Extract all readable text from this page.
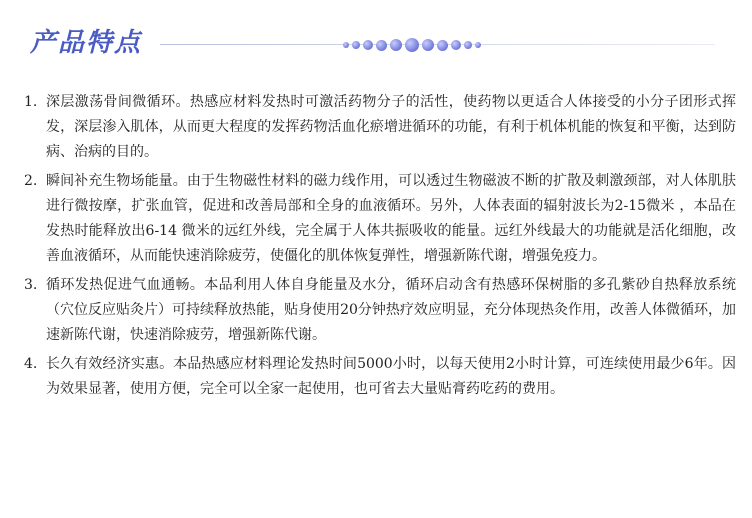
产品特点
1. 深层激荡骨间微循环。热感应材料发热时可激活药物分子的活性，使药物以更适合人体接受的小分子团形式挥发，深层渗入肌体，从而更大程度的发挥药物活血化瘀增进循环的功能，有利于机体机能的恢复和平衡，达到防病、治病的目的。
2. 瞬间补充生物场能量。由于生物磁性材料的磁力线作用，可以透过生物磁波不断的扩散及刺激颈部，对人体肌肤进行微按摩，扩张血管，促进和改善局部和全身的血液循环。另外，人体表面的辐射波长为2-15微米 ，本品在发热时能释放出6-14 微米的远红外线，完全属于人体共振吸收的能量。远红外线最大的功能就是活化细胞，改善血液循环，从而能快速消除疲劳，使僵化的肌体恢复弹性，增强新陈代谢，增强免疫力。
3. 循环发热促进气血通畅。本品利用人体自身能量及水分，循环启动含有热感环保树脂的多孔紫砂自热释放系统（穴位反应贴灸片）可持续释放热能，贴身使用20分钟热疗效应明显，充分体现热灸作用，改善人体微循环，加速新陈代谢，快速消除疲劳，增强新陈代谢。
4. 长久有效经济实惠。本品热感应材料理论发热时间5000小时，以每天使用2小时计算，可连续使用最少6年。因为效果显著，使用方便，完全可以全家一起使用，也可省去大量贴膏药吃药的费用。
